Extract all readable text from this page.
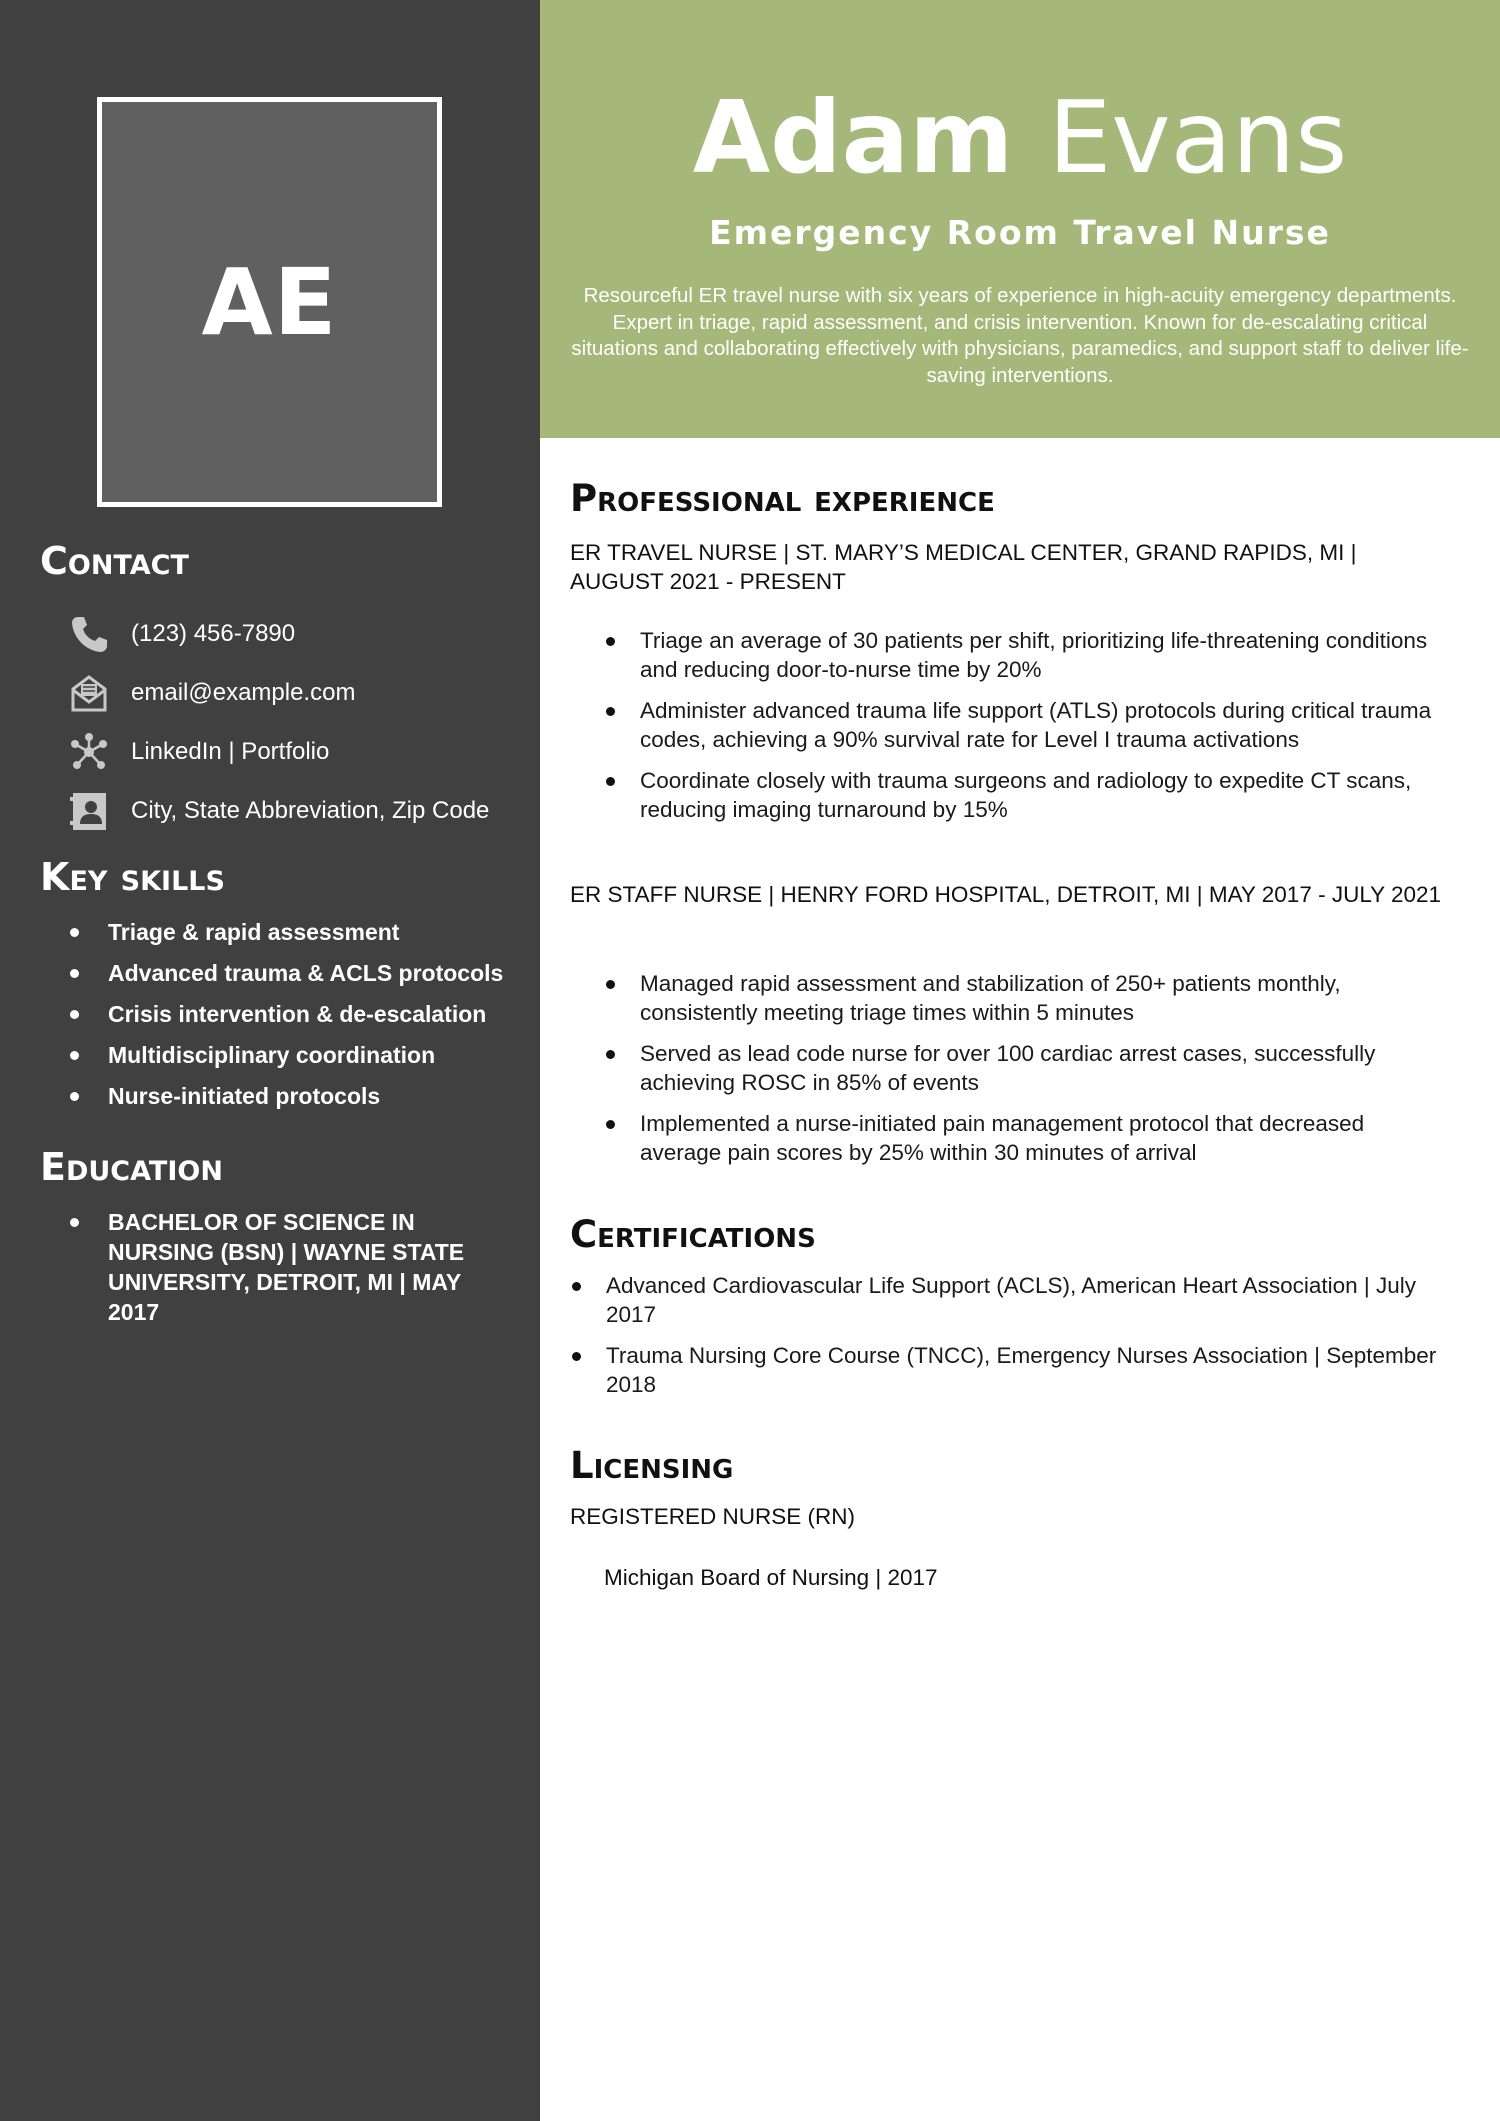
AE
Contact
(123) 456-7890
email@example.com
LinkedIn | Portfolio
City, State Abbreviation, Zip Code
Key skills
Triage & rapid assessment
Advanced trauma & ACLS protocols
Crisis intervention & de-escalation
Multidisciplinary coordination
Nurse-initiated protocols
Education
BACHELOR OF SCIENCE IN NURSING (BSN) | WAYNE STATE UNIVERSITY, DETROIT, MI | MAY 2017
Adam Evans
Emergency Room Travel Nurse

Resourceful ER travel nurse with six years of experience in high-acuity emergency departments. Expert in triage, rapid assessment, and crisis intervention. Known for de-escalating critical situations and collaborating effectively with physicians, paramedics, and support staff to deliver life-saving interventions.

Professional experience
ER TRAVEL NURSE | ST. MARY’S MEDICAL CENTER, GRAND RAPIDS, MI | AUGUST 2021 - PRESENT
Triage an average of 30 patients per shift, prioritizing life-threatening conditions and reducing door-to-nurse time by 20%
Administer advanced trauma life support (ATLS) protocols during critical trauma codes, achieving a 90% survival rate for Level I trauma activations
Coordinate closely with trauma surgeons and radiology to expedite CT scans, reducing imaging turnaround by 15%
ER STAFF NURSE | HENRY FORD HOSPITAL, DETROIT, MI | MAY 2017 - JULY 2021
Managed rapid assessment and stabilization of 250+ patients monthly, consistently meeting triage times within 5 minutes
Served as lead code nurse for over 100 cardiac arrest cases, successfully achieving ROSC in 85% of events
Implemented a nurse-initiated pain management protocol that decreased average pain scores by 25% within 30 minutes of arrival
Certifications
Advanced Cardiovascular Life Support (ACLS), American Heart Association | July 2017
Trauma Nursing Core Course (TNCC), Emergency Nurses Association | September 2018
Licensing
REGISTERED NURSE (RN)
Michigan Board of Nursing | 2017
